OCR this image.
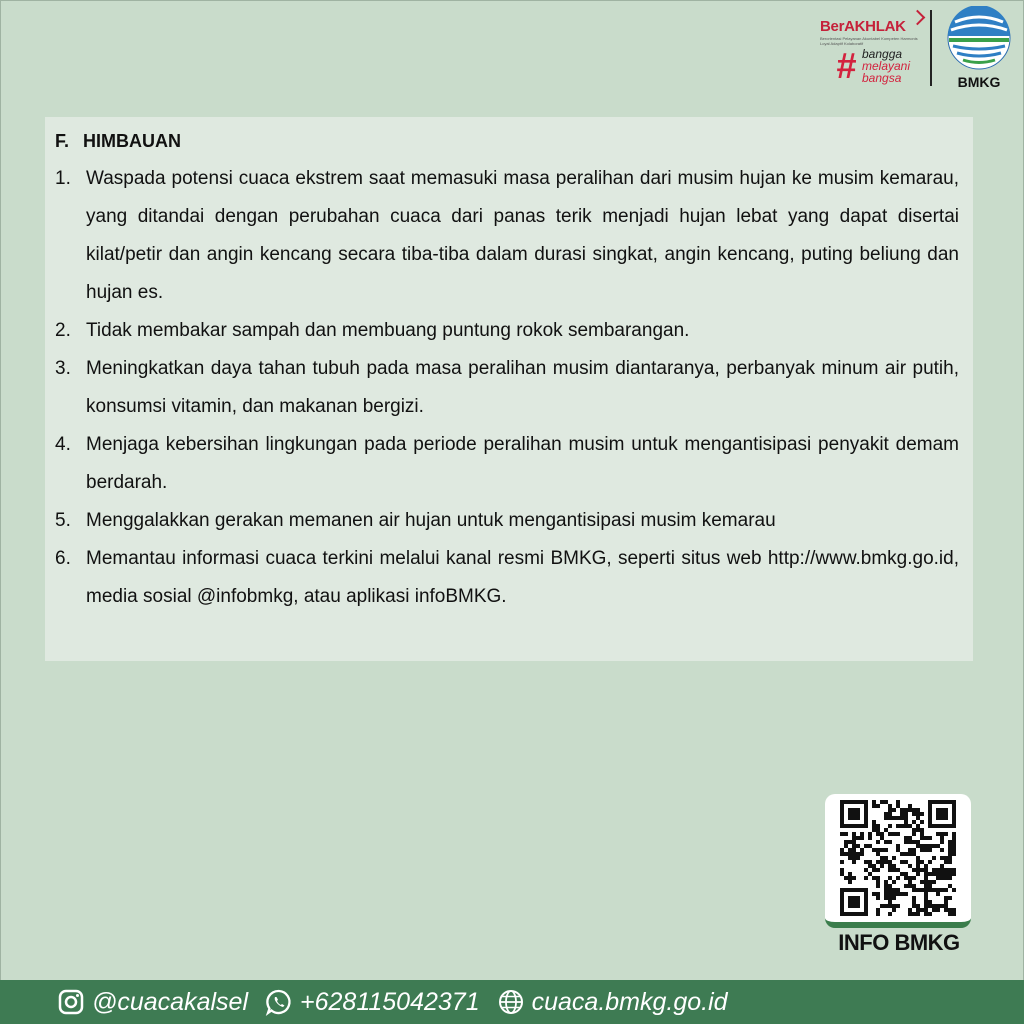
BerAKHLAK
Berorientasi Pelayanan Akuntabel Kompeten Harmonis Loyal Adaptif Kolaboratif
# bangga
melayani
bangsa	BMKG
F. HIMBAUAN
1. Waspada potensi cuaca ekstrem saat memasuki masa peralihan dari musim hujan ke musim kemarau, yang ditandai dengan perubahan cuaca dari panas terik menjadi hujan lebat yang dapat disertai kilat/petir dan angin kencang secara tiba-tiba dalam durasi singkat, angin kencang, puting beliung dan hujan es.
2. Tidak membakar sampah dan membuang puntung rokok sembarangan.
3. Meningkatkan daya tahan tubuh pada masa peralihan musim diantaranya, perbanyak minum air putih, konsumsi vitamin, dan makanan bergizi.
4. Menjaga kebersihan lingkungan pada periode peralihan musim untuk mengantisipasi penyakit demam berdarah.
5. Menggalakkan gerakan memanen air hujan untuk mengantisipasi musim kemarau
6. Memantau informasi cuaca terkini melalui kanal resmi BMKG, seperti situs web http://www.bmkg.go.id, media sosial @infobmkg, atau aplikasi infoBMKG.
INFO BMKG
@cuacakalsel +628115042371 cuaca.bmkg.go.id
